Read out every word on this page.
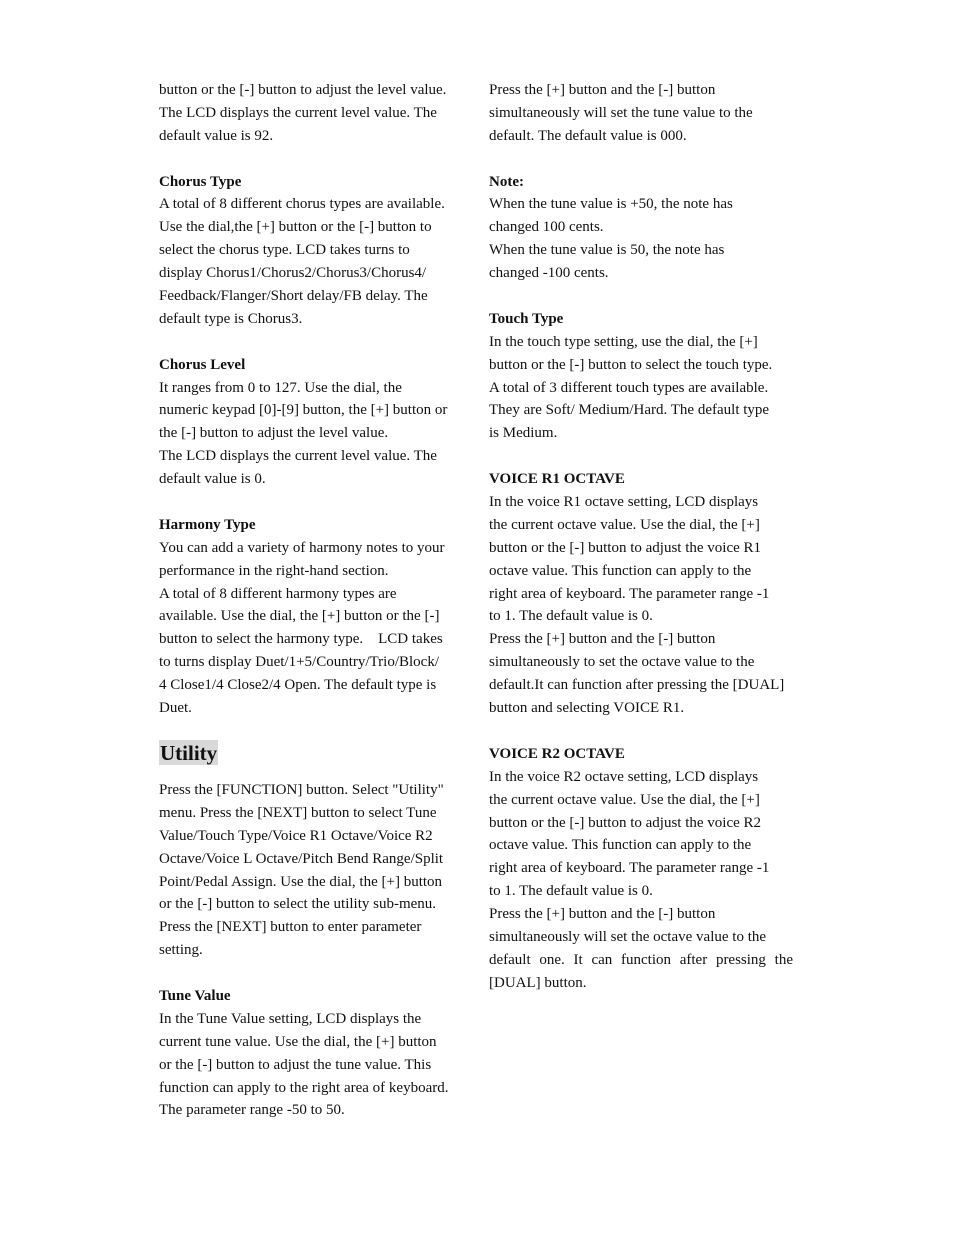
button or the [-] button to adjust the level value.
The LCD displays the current level value. The
default value is 92.
Chorus Type
A total of 8 different chorus types are available.
Use the dial,the [+] button or the [-] button to
select the chorus type. LCD takes turns to
display Chorus1/Chorus2/Chorus3/Chorus4/
Feedback/Flanger/Short delay/FB delay. The
default type is Chorus3.
Chorus Level
It ranges from 0 to 127. Use the dial, the
numeric keypad [0]-[9] button, the [+] button or
the [-] button to adjust the level value.
The LCD displays the current level value. The
default value is 0.
Harmony Type
You can add a variety of harmony notes to your
performance in the right-hand section.
A total of 8 different harmony types are
available. Use the dial, the [+] button or the [-]
button to select the harmony type.    LCD takes
to turns display Duet/1+5/Country/Trio/Block/
4 Close1/4 Close2/4 Open. The default type is
Duet.
Utility
Press the [FUNCTION] button. Select "Utility"
menu. Press the [NEXT] button to select Tune
Value/Touch Type/Voice R1 Octave/Voice R2
Octave/Voice L Octave/Pitch Bend Range/Split
Point/Pedal Assign. Use the dial, the [+] button
or the [-] button to select the utility sub-menu.
Press the [NEXT] button to enter parameter
setting.
Tune Value
In the Tune Value setting, LCD displays the
current tune value. Use the dial, the [+] button
or the [-] button to adjust the tune value. This
function can apply to the right area of keyboard.
The parameter range -50 to 50.
Press the [+] button and the [-] button
simultaneously will set the tune value to the
default. The default value is 000.
Note:
When the tune value is +50, the note has
changed 100 cents.
When the tune value is 50, the note has
changed -100 cents.
Touch Type
In the touch type setting, use the dial, the [+]
button or the [-] button to select the touch type.
A total of 3 different touch types are available.
They are Soft/ Medium/Hard. The default type
is Medium.
VOICE R1 OCTAVE
In the voice R1 octave setting, LCD displays
the current octave value. Use the dial, the [+]
button or the [-] button to adjust the voice R1
octave value. This function can apply to the
right area of keyboard. The parameter range -1
to 1. The default value is 0.
Press the [+] button and the [-] button
simultaneously to set the octave value to the
default.It can function after pressing the [DUAL]
button and selecting VOICE R1.
VOICE R2 OCTAVE
In the voice R2 octave setting, LCD displays
the current octave value. Use the dial, the [+]
button or the [-] button to adjust the voice R2
octave value. This function can apply to the
right area of keyboard. The parameter range -1
to 1. The default value is 0.
Press the [+] button and the [-] button
simultaneously will set the octave value to the
default one. It can function after pressing the
[DUAL] button.
